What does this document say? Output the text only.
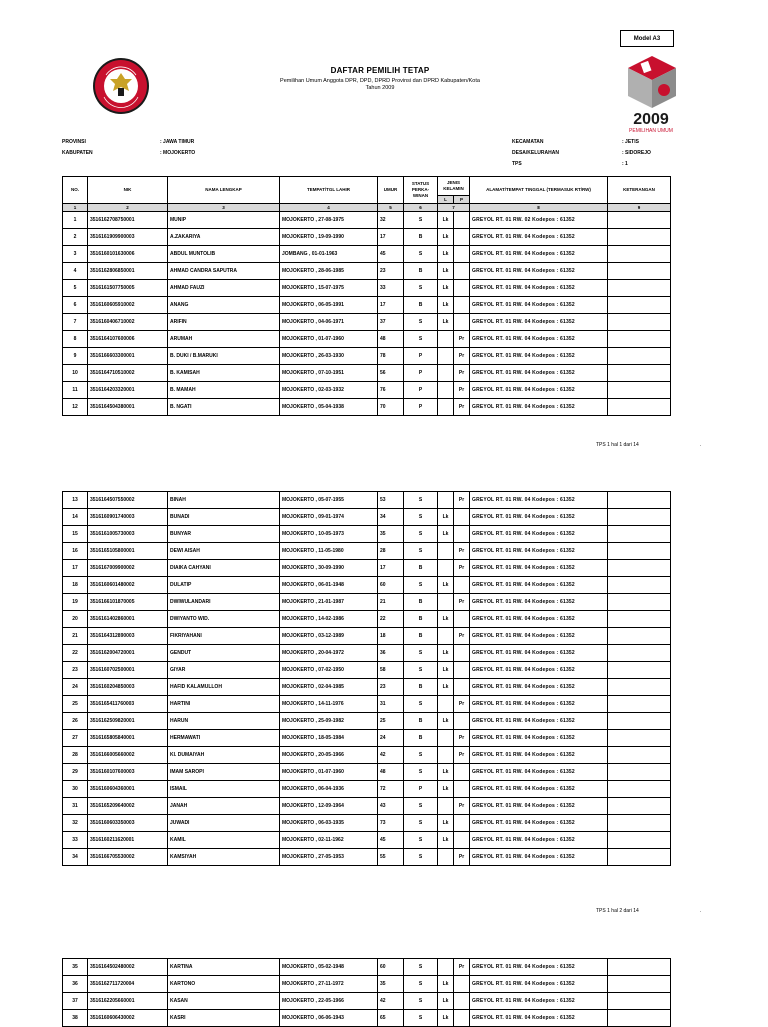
Model A3
2009
PEMILIHAN UMUM
DAFTAR PEMILIH TETAP
Pemilihan Umum Anggota DPR, DPD, DPRD Provinsi dan DPRD Kabupaten/Kota
Tahun 2009
PROVINSI	: JAWA TIMUR
KABUPATEN	: MOJOKERTO
KECAMATAN	: JETIS
DESA/KELURAHAN	: SIDOREJO
TPS	: 1
NO.	NIK	NAMA LENGKAP	TEMPAT/TGL LAHIR	UMUR	STATUS PERKA-WINAN	JENIS KELAMIN		ALAMAT/TEMPAT TINGGAL (TERMASUK RT/RW)	KETERANGAN
						L	P		
1	2	3	4	5	6	7		8	9
1	3516162708750001	MUNIP	MOJOKERTO , 27-08-1975	32	S	Lk		GREYOL RT. 01 RW. 02 Kodepos : 61352	
2	3516161909900003	A.ZAKARIYA	MOJOKERTO , 19-09-1990	17	B	Lk		GREYOL RT. 01 RW. 04 Kodepos : 61352	
3	3516160101630006	ABDUL MUNTOLIB	JOMBANG , 01-01-1963	45	S	Lk		GREYOL RT. 01 RW. 04 Kodepos : 61352	
4	3516162806850001	AHMAD CANDRA SAPUTRA	MOJOKERTO , 28-06-1985	23	B	Lk		GREYOL RT. 01 RW. 04 Kodepos : 61352	
5	3516161507750005	AHMAD FAUZI	MOJOKERTO , 15-07-1975	33	S	Lk		GREYOL RT. 01 RW. 04 Kodepos : 61352	
6	3516160605910002	ANANG	MOJOKERTO , 06-05-1991	17	B	Lk		GREYOL RT. 01 RW. 04 Kodepos : 61352	
7	3516160406710002	ARIFIN	MOJOKERTO , 04-06-1971	37	S	Lk		GREYOL RT. 01 RW. 04 Kodepos : 61352	
8	3516164107600006	ARUMAH	MOJOKERTO , 01-07-1960	48	S		Pr	GREYOL RT. 01 RW. 04 Kodepos : 61352	
9	3516166603300001	B. DUKI / B.MARUKI	MOJOKERTO , 26-03-1930	78	P		Pr	GREYOL RT. 01 RW. 04 Kodepos : 61352	
10	3516164710510002	B. KAMISAH	MOJOKERTO , 07-10-1951	56	P		Pr	GREYOL RT. 01 RW. 04 Kodepos : 61352	
11	3516164203320001	B. MAMAH	MOJOKERTO , 02-03-1932	76	P		Pr	GREYOL RT. 01 RW. 04 Kodepos : 61352	
12	3516164504380001	B. NGATI	MOJOKERTO , 05-04-1938	70	P		Pr	GREYOL RT. 01 RW. 04 Kodepos : 61352	
TPS 1 hal 1 dari 14	.
13	3516164507550002	BINAH	MOJOKERTO , 05-07-1955	53	S		Pr	GREYOL RT. 01 RW. 04 Kodepos : 61352	
14	3516160901740003	BUNADI	MOJOKERTO , 09-01-1974	34	S	Lk		GREYOL RT. 01 RW. 04 Kodepos : 61352	
15	3516161005730003	BUNYAR	MOJOKERTO , 10-05-1973	35	S	Lk		GREYOL RT. 01 RW. 04 Kodepos : 61352	
16	3516165105800001	DEWI AISAH	MOJOKERTO , 11-05-1980	28	S		Pr	GREYOL RT. 01 RW. 04 Kodepos : 61352	
17	3516167009900002	DIAIKA CAHYANI	MOJOKERTO , 30-09-1990	17	B		Pr	GREYOL RT. 01 RW. 04 Kodepos : 61352	
18	3516160601480002	DULATIP	MOJOKERTO , 06-01-1948	60	S	Lk		GREYOL RT. 01 RW. 04 Kodepos : 61352	
19	3516166101870005	DWIWULANDARI	MOJOKERTO , 21-01-1987	21	B		Pr	GREYOL RT. 01 RW. 04 Kodepos : 61352	
20	3516161402860001	DWIYANTO WID.	MOJOKERTO , 14-02-1986	22	B	Lk		GREYOL RT. 01 RW. 04 Kodepos : 61352	
21	3516164312890003	FIKRIYAHANI	MOJOKERTO , 03-12-1989	18	B		Pr	GREYOL RT. 01 RW. 04 Kodepos : 61352	
22	3516162004720001	GENDUT	MOJOKERTO , 20-04-1972	36	S	Lk		GREYOL RT. 01 RW. 04 Kodepos : 61352	
23	3516160702500001	GIYAR	MOJOKERTO , 07-02-1950	58	S	Lk		GREYOL RT. 01 RW. 04 Kodepos : 61352	
24	3516160204850003	HAFID KALAMULLOH	MOJOKERTO , 02-04-1985	23	B	Lk		GREYOL RT. 01 RW. 04 Kodepos : 61352	
25	3516165411760003	HARTINI	MOJOKERTO , 14-11-1976	31	S		Pr	GREYOL RT. 01 RW. 04 Kodepos : 61352	
26	3516162509820001	HARUN	MOJOKERTO , 25-09-1982	25	B	Lk		GREYOL RT. 01 RW. 04 Kodepos : 61352	
27	3516165805840001	HERMAWATI	MOJOKERTO , 18-05-1984	24	B		Pr	GREYOL RT. 01 RW. 04 Kodepos : 61352	
28	3516166005660002	KI. DUMAIYAH	MOJOKERTO , 20-05-1966	42	S		Pr	GREYOL RT. 01 RW. 04 Kodepos : 61352	
29	3516160107600003	IMAM SAROPI	MOJOKERTO , 01-07-1960	48	S	Lk		GREYOL RT. 01 RW. 04 Kodepos : 61352	
30	3516160604360001	ISMAIL	MOJOKERTO , 06-04-1936	72	P	Lk		GREYOL RT. 01 RW. 04 Kodepos : 61352	
31	3516165209640002	JANAH	MOJOKERTO , 12-09-1964	43	S		Pr	GREYOL RT. 01 RW. 04 Kodepos : 61352	
32	3516160603350003	JUWADI	MOJOKERTO , 06-03-1935	73	S	Lk		GREYOL RT. 01 RW. 04 Kodepos : 61352	
33	3516160211620001	KAMIL	MOJOKERTO , 02-11-1962	45	S	Lk		GREYOL RT. 01 RW. 04 Kodepos : 61352	
34	3516166705530002	KAMSIYAH	MOJOKERTO , 27-05-1953	55	S		Pr	GREYOL RT. 01 RW. 04 Kodepos : 61352	
TPS 1 hal 2 dari 14	.
35	3516164502480002	KARTINA	MOJOKERTO , 05-02-1948	60	S		Pr	GREYOL RT. 01 RW. 04 Kodepos : 61352	
36	3516162711720004	KARTONO	MOJOKERTO , 27-11-1972	35	S	Lk		GREYOL RT. 01 RW. 04 Kodepos : 61352	
37	3516162205660001	KASAN	MOJOKERTO , 22-05-1966	42	S	Lk		GREYOL RT. 01 RW. 04 Kodepos : 61352	
38	3516160606430002	KASRI	MOJOKERTO , 06-06-1943	65	S	Lk		GREYOL RT. 01 RW. 04 Kodepos : 61352	
